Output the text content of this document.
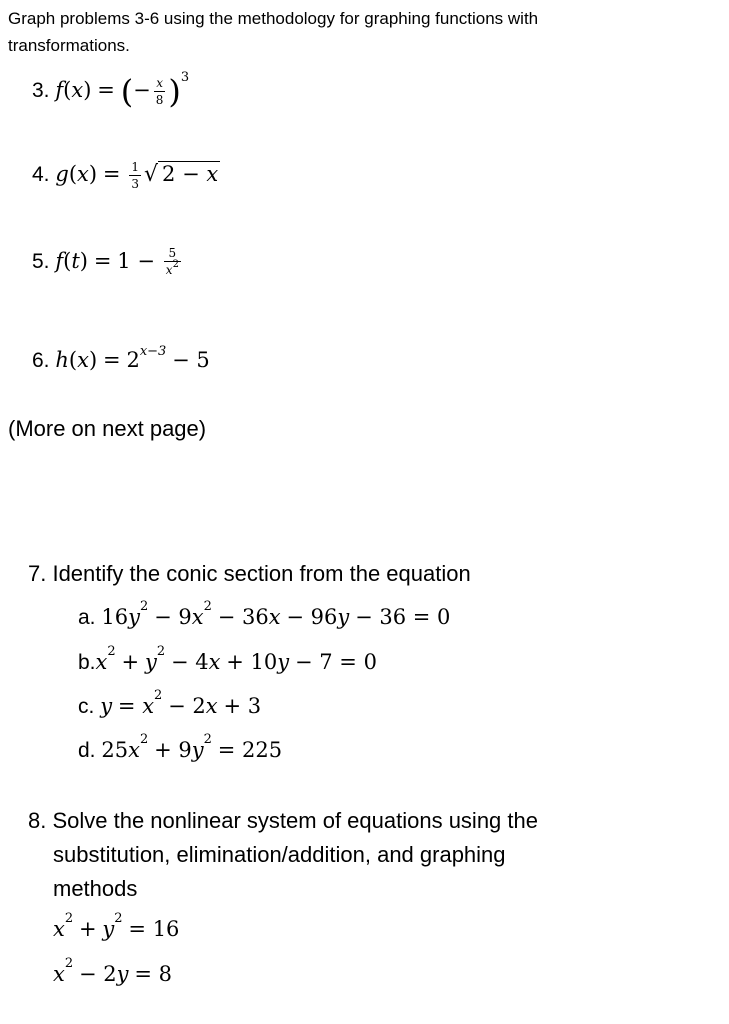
Graph problems 3-6 using the methodology for graphing functions with
transformations.
3. f(x) = (− $\frac{x}{8} )^3$
4. $g(x) = \frac{1}{3}$ √ 2 − x
5. $f(t) = 1 - \frac{5}{x^2}$
6. $h(x) = 2^{x-3} - 5$
(More on next page)
7. Identify the conic section from the equation
a. $16y^2 - 9x^2 - 36x - 96y - 36 = 0$
$b.x^2 + y^2 - 4x + 10y - 7 = 0$
c. $y = x^2 - 2x + 3$
d. $25x^2 + 9y^2 = 225$
8. Solve the nonlinear system of equations using the
substitution, elimination/addition, and graphing
methods
$x^2 + y^2 = 16$
$x^2 - 2y = 8$
